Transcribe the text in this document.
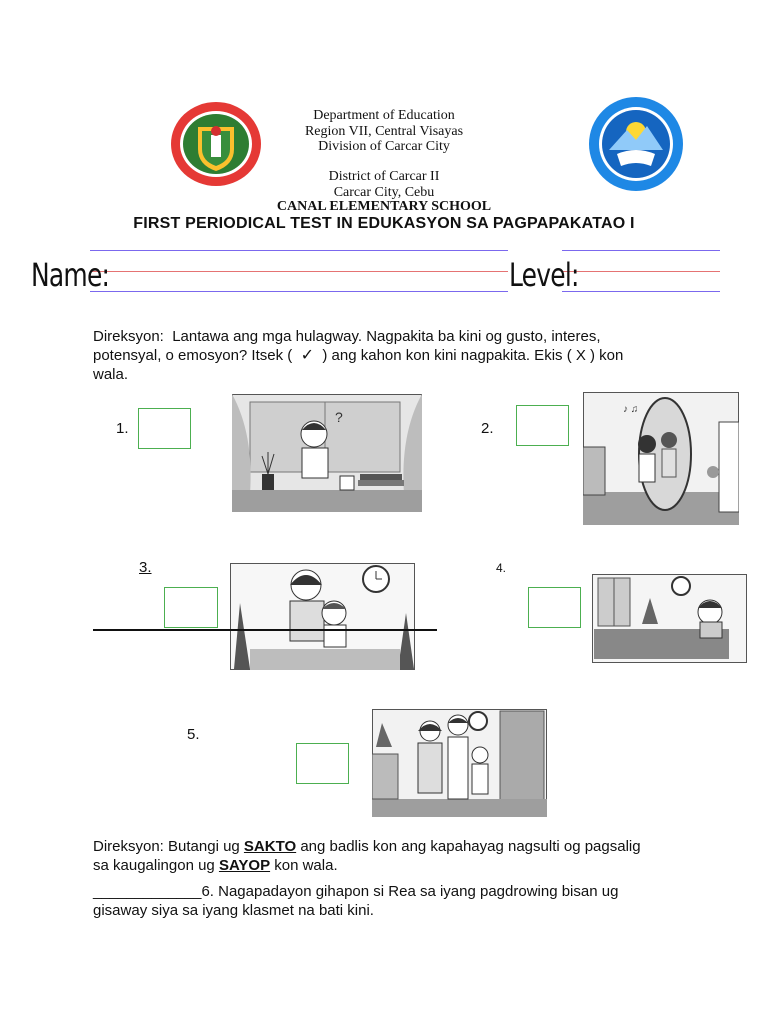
Department of Education
Region VII, Central Visayas
Division of Carcar City
District of Carcar II
Carcar City, Cebu
CANAL ELEMENTARY SCHOOL
FIRST PERIODICAL TEST IN EDUKASYON SA PAGPAPAKATAO I
Name:	Level:
Direksyon: Lantawa ang mga hulagway. Nagpakita ba kini og gusto, interes,
potensyal, o emosyon? Itsek ( ✓ ) ang kahon kon kini nagpakita. Ekis ( X ) kon
wala.
1.
?
2.
♪ ♫
3.	4.
5.
Direksyon: Butangi ug SAKTO ang badlis kon ang kapahayag nagsulti og pagsalig
sa kaugalingon ug SAYOP kon wala.
_____________6. Nagapadayon gihapon si Rea sa iyang pagdrowing bisan ug
gisaway siya sa iyang klasmet na bati kini.
